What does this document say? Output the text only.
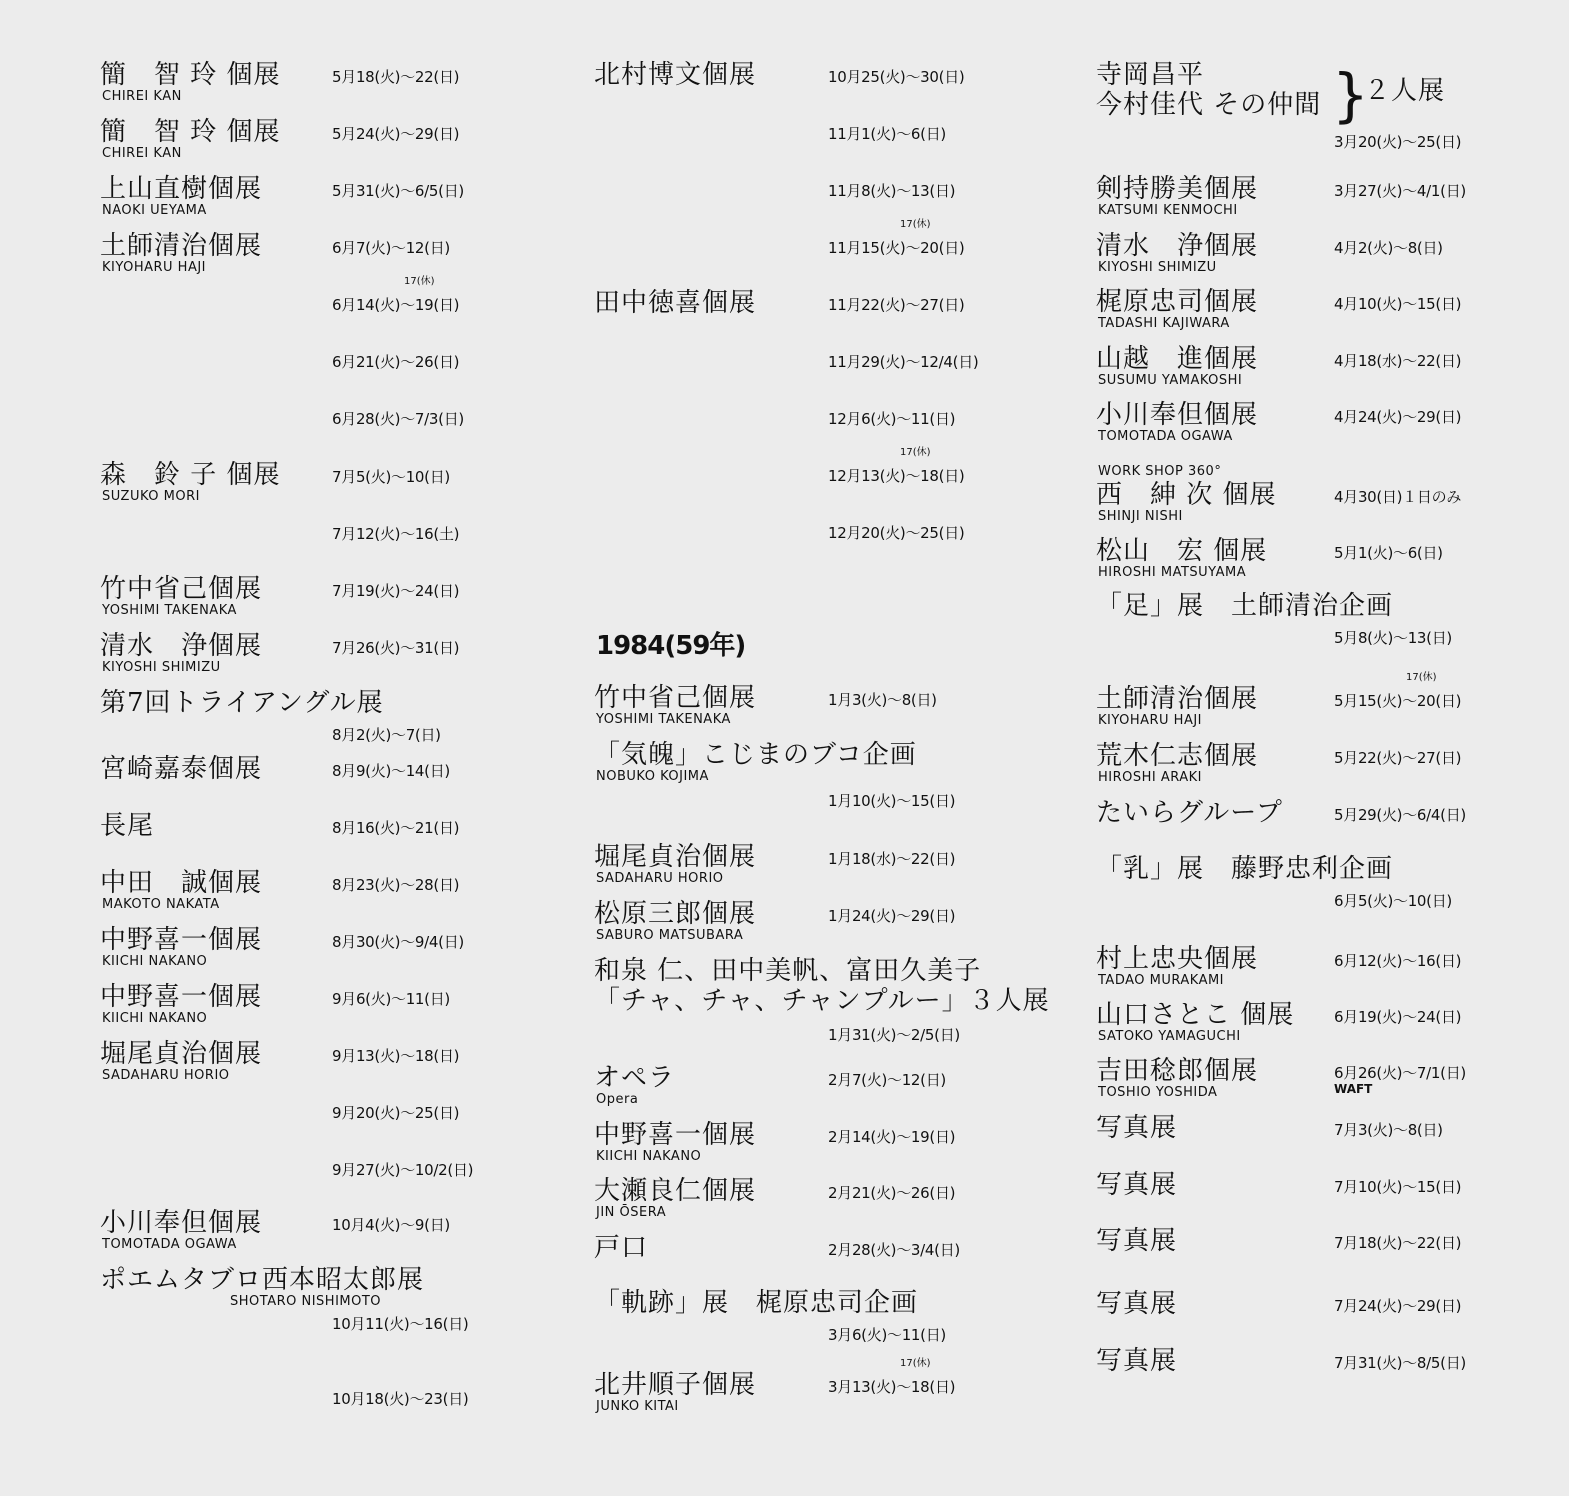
簡　智 玲 個展
CHIREI KAN
5月18(火)〜22(日)
簡　智 玲 個展
CHIREI KAN
5月24(火)〜29(日)
上山直樹個展
NAOKI UEYAMA
5月31(火)〜6/5(日)
土師清治個展
KIYOHARU HAJI
6月7(火)〜12(日)
6月14(火)〜19(日)
17(休)
6月21(火)〜26(日)
6月28(火)〜7/3(日)
森　鈴 子 個展
SUZUKO MORI
7月5(火)〜10(日)
7月12(火)〜16(土)
竹中省己個展
YOSHIMI TAKENAKA
7月19(火)〜24(日)
清水　浄個展
KIYOSHI SHIMIZU
7月26(火)〜31(日)
第7回トライアングル展
8月2(火)〜7(日)
宮崎嘉泰個展	8月9(火)〜14(日)
長尾	8月16(火)〜21(日)
中田　誠個展
MAKOTO NAKATA
8月23(火)〜28(日)
中野喜一個展
KIICHI NAKANO
8月30(火)〜9/4(日)
中野喜一個展
KIICHI NAKANO
9月6(火)〜11(日)
堀尾貞治個展
SADAHARU HORIO
9月13(火)〜18(日)
9月20(火)〜25(日)
9月27(火)〜10/2(日)
小川奉但個展
TOMOTADA OGAWA
10月4(火)〜9(日)
ポエムタブロ西本昭太郎展
SHOTARO NISHIMOTO
10月11(火)〜16(日)
10月18(火)〜23(日)
1984(59年)
北村博文個展	10月25(火)〜30(日)
11月1(火)〜6(日)
11月8(火)〜13(日)
11月15(火)〜20(日)
17(休)
田中徳喜個展	11月22(火)〜27(日)
11月29(火)〜12/4(日)
12月6(火)〜11(日)
12月13(火)〜18(日)
17(休)
12月20(火)〜25(日)
竹中省己個展
YOSHIMI TAKENAKA
1月3(火)〜8(日)
「気魄」こじまのブコ企画
NOBUKO KOJIMA
1月10(火)〜15(日)
堀尾貞治個展
SADAHARU HORIO
1月18(水)〜22(日)
松原三郎個展
SABURO MATSUBARA
1月24(火)〜29(日)
和泉 仁、田中美帆、富田久美子
「チャ、チャ、チャンプルー」３人展
1月31(火)〜2/5(日)
オペラ
Opera
2月7(火)〜12(日)
中野喜一個展
KIICHI NAKANO
2月14(火)〜19(日)
大瀬良仁個展
JIN ŌSERA
2月21(火)〜26(日)
戸口	2月28(火)〜3/4(日)
「軌跡」展　梶原忠司企画
3月6(火)〜11(日)
北井順子個展
JUNKO KITAI
3月13(火)〜18(日)
17(休)
寺岡昌平
今村佳代 その仲間 }
２人展
3月20(火)〜25(日)
剣持勝美個展
KATSUMI KENMOCHI
3月27(火)〜4/1(日)
清水　浄個展
KIYOSHI SHIMIZU
4月2(火)〜8(日)
梶原忠司個展
TADASHI KAJIWARA
4月10(火)〜15(日)
山越　進個展
SUSUMU YAMAKOSHI
4月18(水)〜22(日)
小川奉但個展
TOMOTADA OGAWA
4月24(火)〜29(日)
WORK SHOP 360°
西　紳 次 個展
SHINJI NISHI
4月30(日)１日のみ
松山　宏 個展
HIROSHI MATSUYAMA
5月1(火)〜6(日)
「足」展　土師清治企画
5月8(火)〜13(日)
土師清治個展
KIYOHARU HAJI
5月15(火)〜20(日)
17(休)
荒木仁志個展
HIROSHI ARAKI
5月22(火)〜27(日)
たいらグループ	5月29(火)〜6/4(日)
「乳」展　藤野忠利企画
6月5(火)〜10(日)
村上忠央個展
TADAO MURAKAMI
6月12(火)〜16(日)
山口さとこ 個展
SATOKO YAMAGUCHI
6月19(火)〜24(日)
吉田稔郎個展
TOSHIO YOSHIDA
6月26(火)〜7/1(日)
WAFT
写真展	7月3(火)〜8(日)
写真展	7月10(火)〜15(日)
写真展	7月18(火)〜22(日)
写真展	7月24(火)〜29(日)
写真展	7月31(火)〜8/5(日)
